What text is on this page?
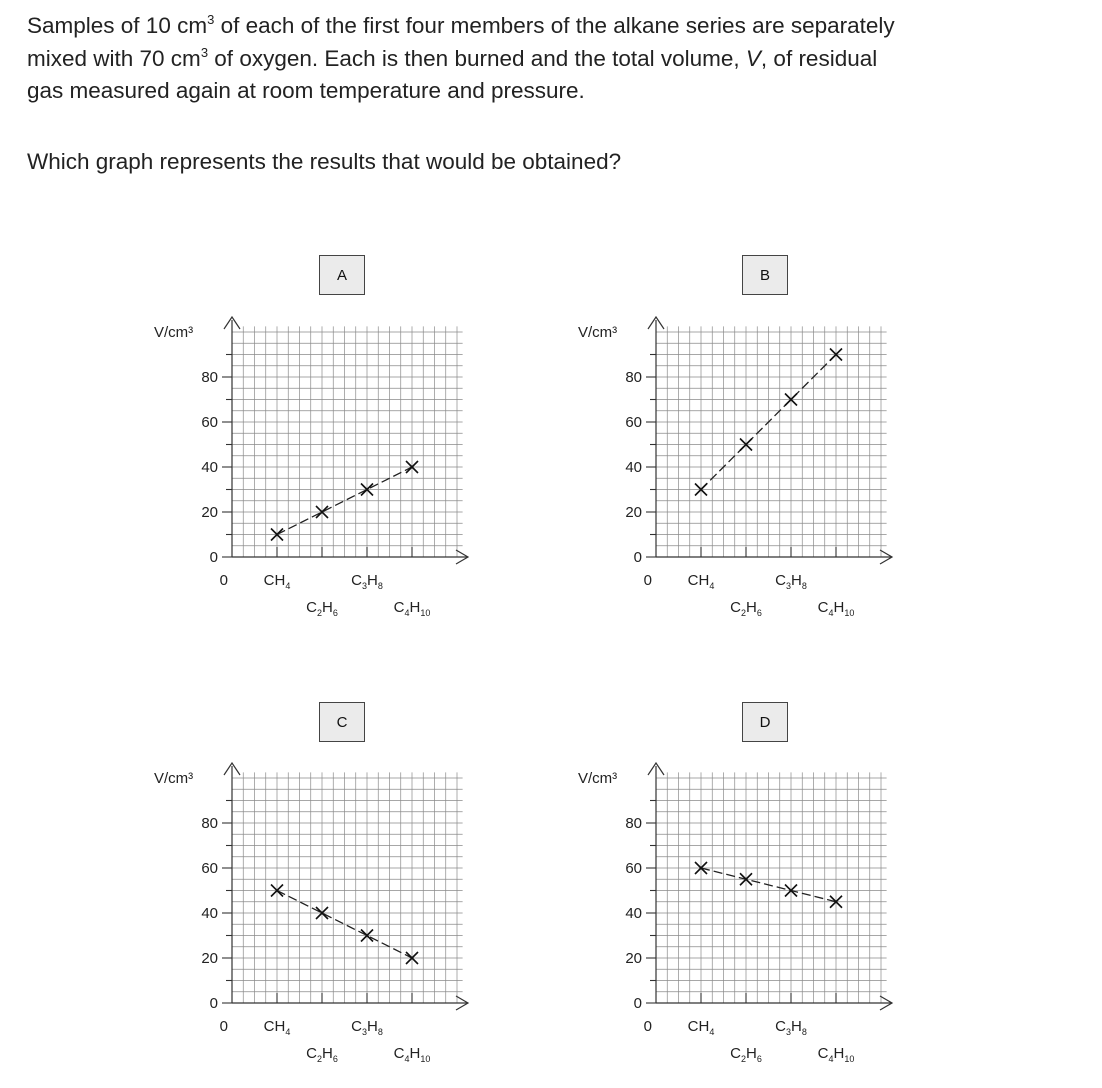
Samples of 10 $cm^3$ of each of the first four members of the alkane series are separately

mixed with 70 $cm^3$ of oxygen. Each is then burned and the total volume, V, of residual

gas measured again at room temperature and pressure.

Which graph represents the results that would be obtained?

A	B
C	D
0
20
40
60
80
V/cm³
0 $CH_4$
$C_2H_6$
$C_3H_8$
$C_4H_{10}$
0
20
40
60
80
V/cm³
0 $CH_4$
$C_2H_6$
$C_3H_8$
$C_4H_{10}$
0
20
40
60
80
V/cm³
0 $CH_4$
$C_2H_6$
$C_3H_8$
$C_4H_{10}$
0
20
40
60
80
V/cm³
0 $CH_4$
$C_2H_6$
$C_3H_8$
$C_4H_{10}$
